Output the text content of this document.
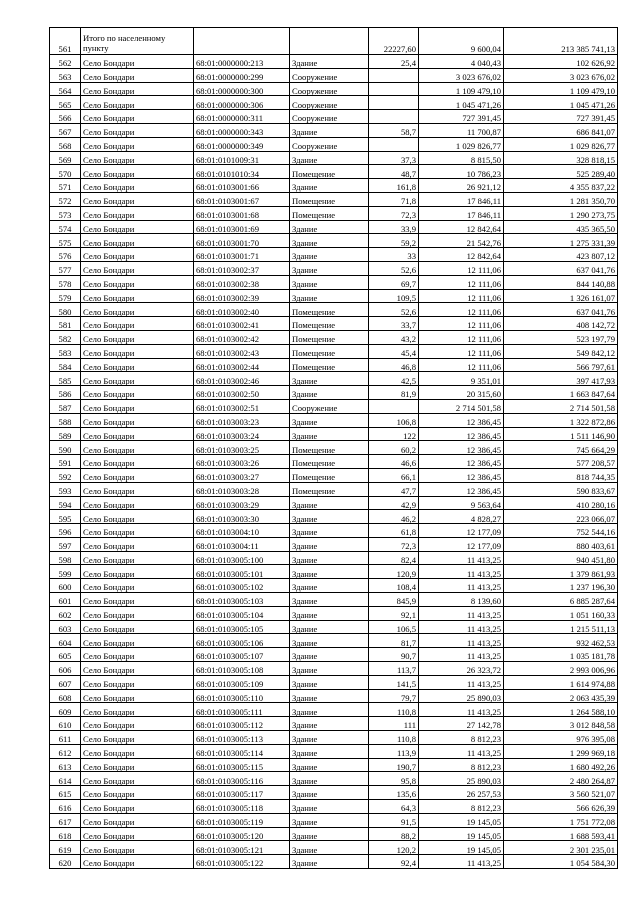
561	Итого по населенному пункту			22227,60	9 600,04	213 385 741,13
562	Село Бондари	68:01:0000000:213	Здание	25,4	4 040,43	102 626,92
563	Село Бондари	68:01:0000000:299	Сооружение		3 023 676,02	3 023 676,02
564	Село Бондари	68:01:0000000:300	Сооружение		1 109 479,10	1 109 479,10
565	Село Бондари	68:01:0000000:306	Сооружение		1 045 471,26	1 045 471,26
566	Село Бондари	68:01:0000000:311	Сооружение		727 391,45	727 391,45
567	Село Бондари	68:01:0000000:343	Здание	58,7	11 700,87	686 841,07
568	Село Бондари	68:01:0000000:349	Сооружение		1 029 826,77	1 029 826,77
569	Село Бондари	68:01:0101009:31	Здание	37,3	8 815,50	328 818,15
570	Село Бондари	68:01:0101010:34	Помещение	48,7	10 786,23	525 289,40
571	Село Бондари	68:01:0103001:66	Здание	161,8	26 921,12	4 355 837,22
572	Село Бондари	68:01:0103001:67	Помещение	71,8	17 846,11	1 281 350,70
573	Село Бондари	68:01:0103001:68	Помещение	72,3	17 846,11	1 290 273,75
574	Село Бондари	68:01:0103001:69	Здание	33,9	12 842,64	435 365,50
575	Село Бондари	68:01:0103001:70	Здание	59,2	21 542,76	1 275 331,39
576	Село Бондари	68:01:0103001:71	Здание	33	12 842,64	423 807,12
577	Село Бондари	68:01:0103002:37	Здание	52,6	12 111,06	637 041,76
578	Село Бондари	68:01:0103002:38	Здание	69,7	12 111,06	844 140,88
579	Село Бондари	68:01:0103002:39	Здание	109,5	12 111,06	1 326 161,07
580	Село Бондари	68:01:0103002:40	Помещение	52,6	12 111,06	637 041,76
581	Село Бондари	68:01:0103002:41	Помещение	33,7	12 111,06	408 142,72
582	Село Бондари	68:01:0103002:42	Помещение	43,2	12 111,06	523 197,79
583	Село Бондари	68:01:0103002:43	Помещение	45,4	12 111,06	549 842,12
584	Село Бондари	68:01:0103002:44	Помещение	46,8	12 111,06	566 797,61
585	Село Бондари	68:01:0103002:46	Здание	42,5	9 351,01	397 417,93
586	Село Бондари	68:01:0103002:50	Здание	81,9	20 315,60	1 663 847,64
587	Село Бондари	68:01:0103002:51	Сооружение		2 714 501,58	2 714 501,58
588	Село Бондари	68:01:0103003:23	Здание	106,8	12 386,45	1 322 872,86
589	Село Бондари	68:01:0103003:24	Здание	122	12 386,45	1 511 146,90
590	Село Бондари	68:01:0103003:25	Помещение	60,2	12 386,45	745 664,29
591	Село Бондари	68:01:0103003:26	Помещение	46,6	12 386,45	577 208,57
592	Село Бондари	68:01:0103003:27	Помещение	66,1	12 386,45	818 744,35
593	Село Бондари	68:01:0103003:28	Помещение	47,7	12 386,45	590 833,67
594	Село Бондари	68:01:0103003:29	Здание	42,9	9 563,64	410 280,16
595	Село Бондари	68:01:0103003:30	Здание	46,2	4 828,27	223 066,07
596	Село Бондари	68:01:0103004:10	Здание	61,8	12 177,09	752 544,16
597	Село Бондари	68:01:0103004:11	Здание	72,3	12 177,09	880 403,61
598	Село Бондари	68:01:0103005:100	Здание	82,4	11 413,25	940 451,80
599	Село Бондари	68:01:0103005:101	Здание	120,9	11 413,25	1 379 861,93
600	Село Бондари	68:01:0103005:102	Здание	108,4	11 413,25	1 237 196,30
601	Село Бондари	68:01:0103005:103	Здание	845,9	8 139,60	6 885 287,64
602	Село Бондари	68:01:0103005:104	Здание	92,1	11 413,25	1 051 160,33
603	Село Бондари	68:01:0103005:105	Здание	106,5	11 413,25	1 215 511,13
604	Село Бондари	68:01:0103005:106	Здание	81,7	11 413,25	932 462,53
605	Село Бондари	68:01:0103005:107	Здание	90,7	11 413,25	1 035 181,78
606	Село Бондари	68:01:0103005:108	Здание	113,7	26 323,72	2 993 006,96
607	Село Бондари	68:01:0103005:109	Здание	141,5	11 413,25	1 614 974,88
608	Село Бондари	68:01:0103005:110	Здание	79,7	25 890,03	2 063 435,39
609	Село Бондари	68:01:0103005:111	Здание	110,8	11 413,25	1 264 588,10
610	Село Бондари	68:01:0103005:112	Здание	111	27 142,78	3 012 848,58
611	Село Бондари	68:01:0103005:113	Здание	110,8	8 812,23	976 395,08
612	Село Бондари	68:01:0103005:114	Здание	113,9	11 413,25	1 299 969,18
613	Село Бондари	68:01:0103005:115	Здание	190,7	8 812,23	1 680 492,26
614	Село Бондари	68:01:0103005:116	Здание	95,8	25 890,03	2 480 264,87
615	Село Бондари	68:01:0103005:117	Здание	135,6	26 257,53	3 560 521,07
616	Село Бондари	68:01:0103005:118	Здание	64,3	8 812,23	566 626,39
617	Село Бондари	68:01:0103005:119	Здание	91,5	19 145,05	1 751 772,08
618	Село Бондари	68:01:0103005:120	Здание	88,2	19 145,05	1 688 593,41
619	Село Бондари	68:01:0103005:121	Здание	120,2	19 145,05	2 301 235,01
620	Село Бондари	68:01:0103005:122	Здание	92,4	11 413,25	1 054 584,30
